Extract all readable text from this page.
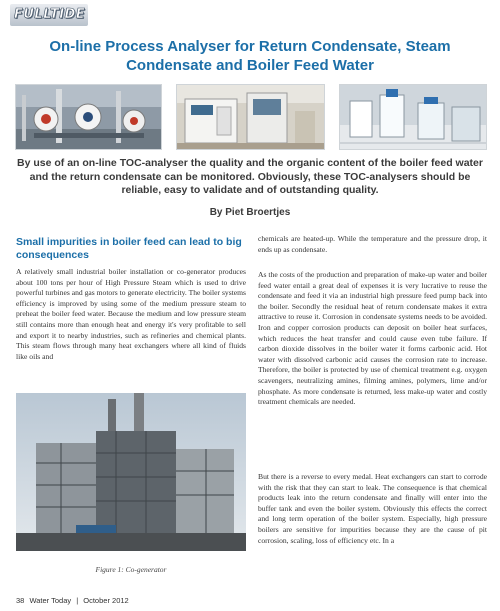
FULLTIDE
On-line Process Analyser for Return Condensate, Steam Condensate and Boiler Feed Water

By use of an on-line TOC-analyser the quality and the organic content of the boiler feed water and the return condensate can be monitored. Obviously, these TOC-analysers should be reliable, easy to validate and of outstanding quality.

By Piet Broertjes

Small impurities in boiler feed can lead to big consequences

A relatively small industrial boiler installation or co-generator produces about 100 tons per hour of High Pressure Steam which is used to drive powerful turbines and gas motors to generate electricity. The boiler systems efficiency is improved by using some of the medium pressure steam to preheat the boiler feed water. Because the medium and low pressure steam still contains more than enough heat and energy it's very profitable to sell and export it to nearby industries, such as refineries and chemical plants. This steam flows through many heat exchangers where all kind of fluids like oils and

Figure 1: Co-generator

chemicals are heated-up. While the temperature and the pressure drop, it ends up as condensate.

As the costs of the production and preparation of make-up water and boiler feed water entail a great deal of expenses it is very lucrative to reuse the condensate and feed it via an industrial high pressure feed pump back into the boiler. Secondly the residual heat of return condensate makes it extra attractive to reuse it. Corrosion in condensate systems needs to be avoided. Iron and copper corrosion products can deposit on boiler heat surfaces, which reduces the heat transfer and could cause even tube failure. If carbon dioxide dissolves in the boiler water it forms carbonic acid. Hot water with dissolved carbonic acid causes the corrosion rate to increase. Therefore, the boiler is protected by use of chemical treatment e.g. oxygen scavengers, neutralizing amines, filming amines, polymers, lime and/or phosphate. As more condensate is returned, less make-up water and costly treatment chemicals are needed.

But there is a reverse to every medal. Heat exchangers can start to corrode with the risk that they can start to leak. The consequence is that chemical products leak into the return condensate and finally will enter into the buffer tank and even the boiler system. Obviously this effects the correct and long term operation of the boiler system. Especially, high pressure boilers are sensitive for impurities because they are the cause of pit corrosion, scaling, loss of efficiency etc. In a

38 Water Today | October 2012
